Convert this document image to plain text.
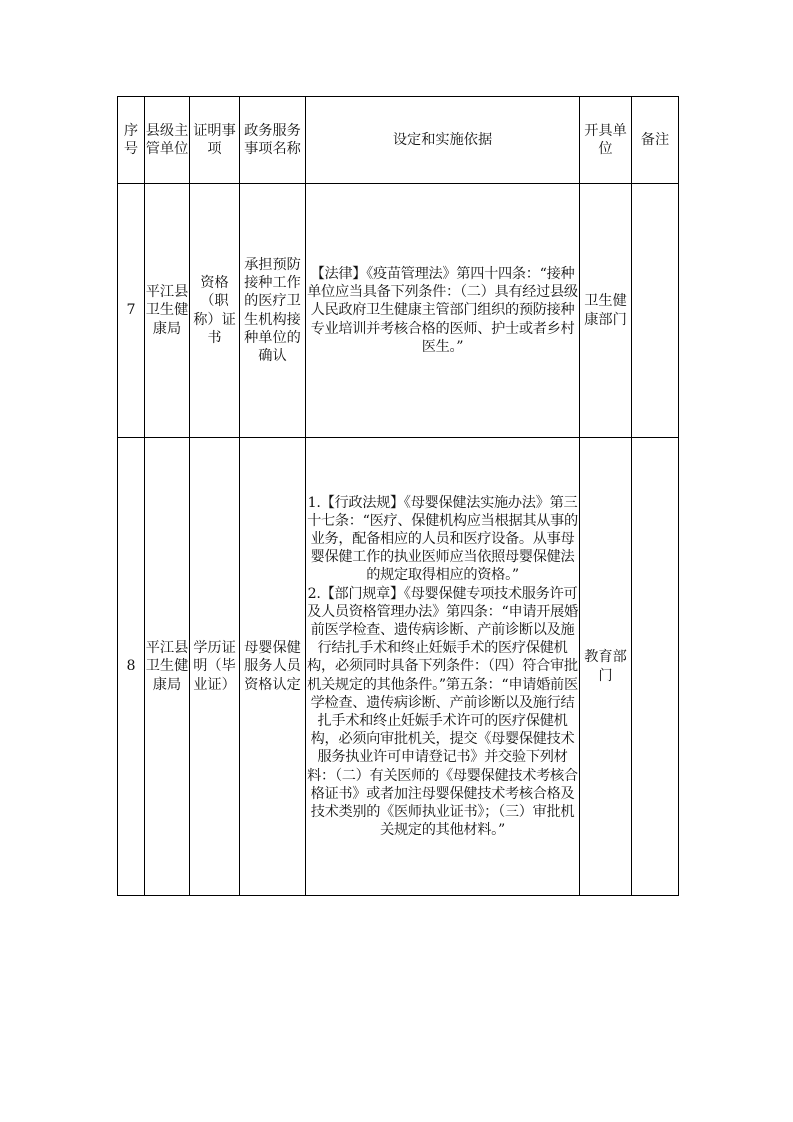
序号	县级主管单位	证明事项	政务服务事项名称	设定和实施依据	开具单位	备注
7	平江县卫生健康局	资格（职称）证书	承担预防接种工作的医疗卫生机构接种单位的确认	【法律】《疫苗管理法》第四十四条：“接种单位应当具备下列条件：（二）具有经过县级人民政府卫生健康主管部门组织的预防接种专业培训并考核合格的医师、护士或者乡村医生。”	卫生健康部门	
8	平江县卫生健康局	学历证明（毕业证）	母婴保健服务人员资格认定	1.【行政法规】《母婴保健法实施办法》第三十七条：“医疗、保健机构应当根据其从事的业务，配备相应的人员和医疗设备。从事母婴保健工作的执业医师应当依照母婴保健法的规定取得相应的资格。”
2.【部门规章】《母婴保健专项技术服务许可及人员资格管理办法》第四条：“申请开展婚前医学检查、遗传病诊断、产前诊断以及施行结扎手术和终止妊娠手术的医疗保健机构，必须同时具备下列条件：（四）符合审批机关规定的其他条件。”第五条：“申请婚前医学检查、遗传病诊断、产前诊断以及施行结扎手术和终止妊娠手术许可的医疗保健机构，必须向审批机关，提交《母婴保健技术服务执业许可申请登记书》并交验下列材料：（二）有关医师的《母婴保健技术考核合格证书》或者加注母婴保健技术考核合格及技术类别的《医师执业证书》；（三）审批机关规定的其他材料。”	教育部门	
